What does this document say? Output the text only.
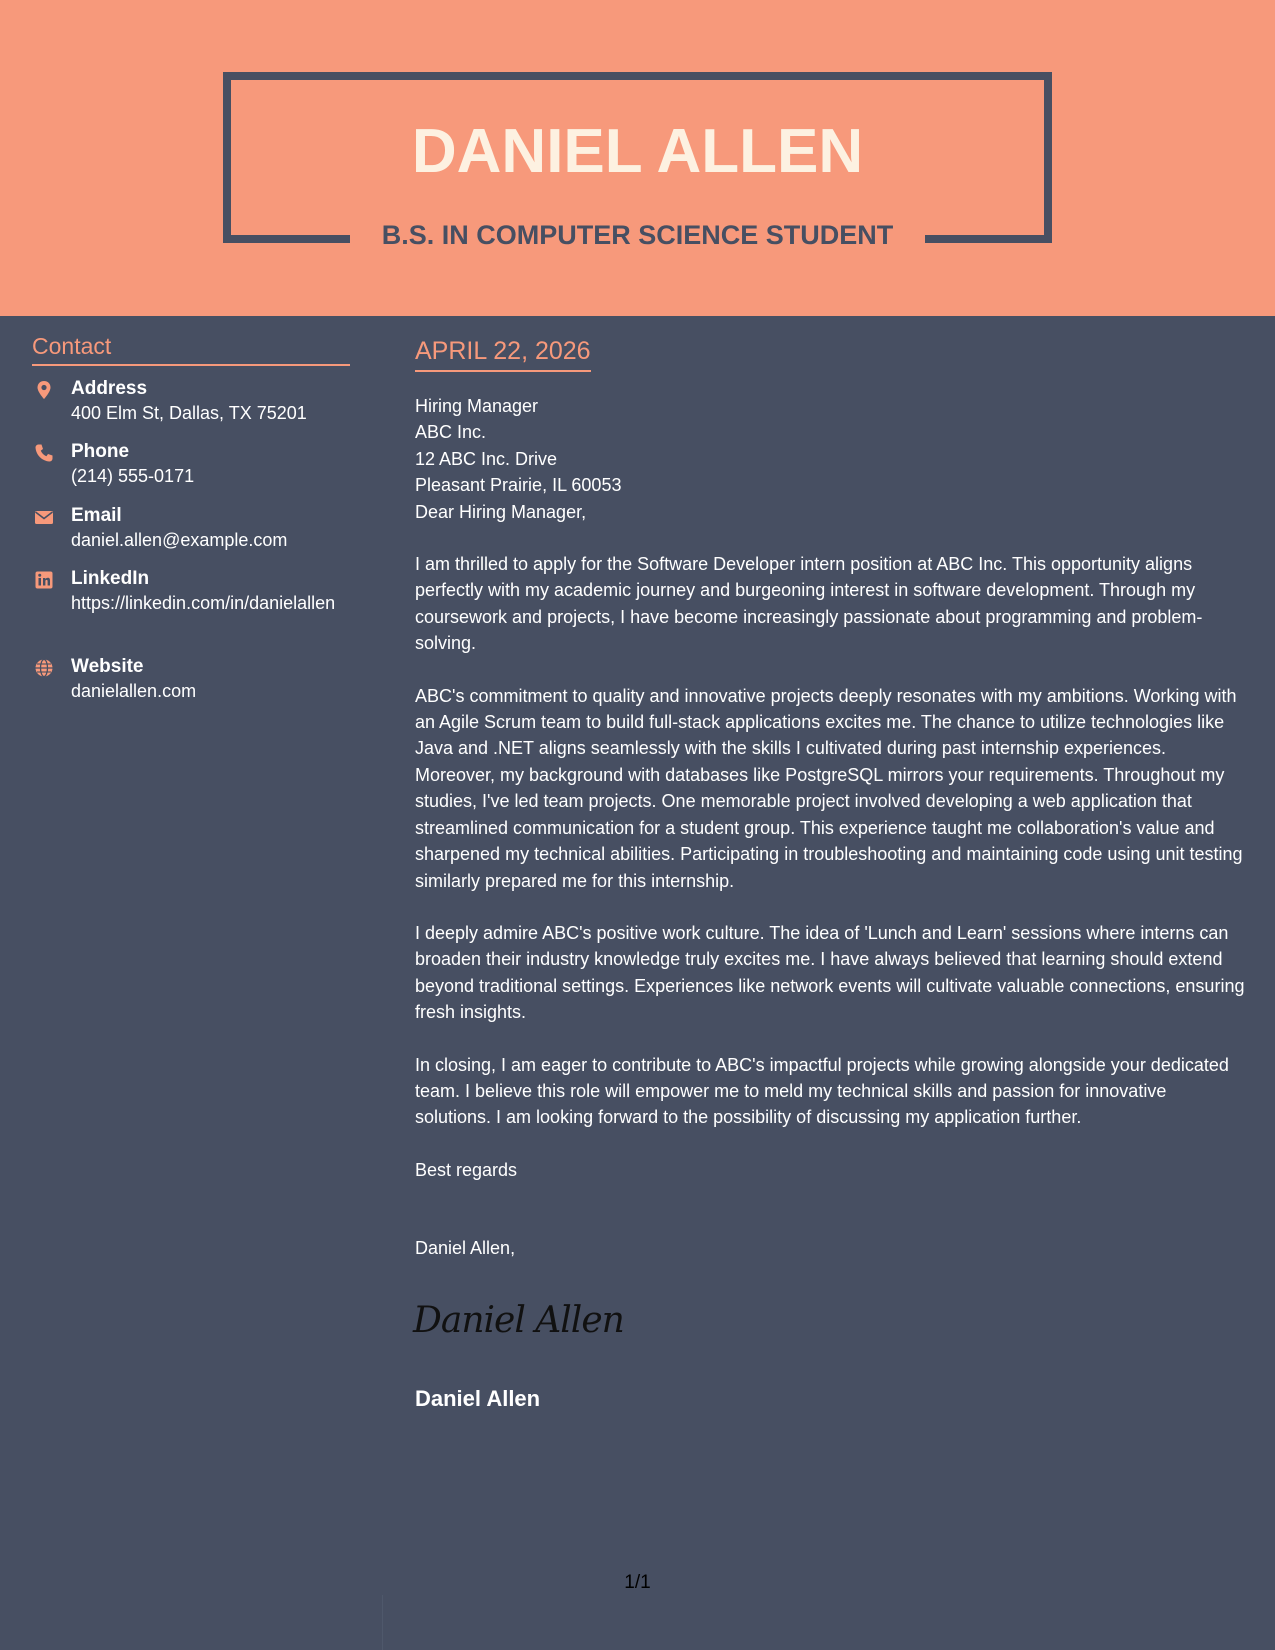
DANIEL ALLEN
B.S. IN COMPUTER SCIENCE STUDENT
Contact
Address
400 Elm St, Dallas, TX 75201
Phone
(214) 555-0171
Email
daniel.allen@example.com
LinkedIn
https://linkedin.com/in/danielallen
Website
danielallen.com
APRIL 22, 2026
Hiring Manager
ABC Inc.
12 ABC Inc. Drive
Pleasant Prairie, IL 60053
Dear Hiring Manager,

I am thrilled to apply for the Software Developer intern position at ABC Inc. This opportunity aligns perfectly with my academic journey and burgeoning interest in software development. Through my coursework and projects, I have become increasingly passionate about programming and problem-solving.

ABC's commitment to quality and innovative projects deeply resonates with my ambitions. Working with an Agile Scrum team to build full-stack applications excites me. The chance to utilize technologies like Java and .NET aligns seamlessly with the skills I cultivated during past internship experiences. Moreover, my background with databases like PostgreSQL mirrors your requirements. Throughout my studies, I've led team projects. One memorable project involved developing a web application that streamlined communication for a student group. This experience taught me collaboration's value and sharpened my technical abilities. Participating in troubleshooting and maintaining code using unit testing similarly prepared me for this internship.

I deeply admire ABC's positive work culture. The idea of 'Lunch and Learn' sessions where interns can broaden their industry knowledge truly excites me. I have always believed that learning should extend beyond traditional settings. Experiences like network events will cultivate valuable connections, ensuring fresh insights.

In closing, I am eager to contribute to ABC's impactful projects while growing alongside your dedicated team. I believe this role will empower me to meld my technical skills and passion for innovative solutions. I am looking forward to the possibility of discussing my application further.

Best regards

Daniel Allen,

Daniel Allen
Daniel Allen
1/1
